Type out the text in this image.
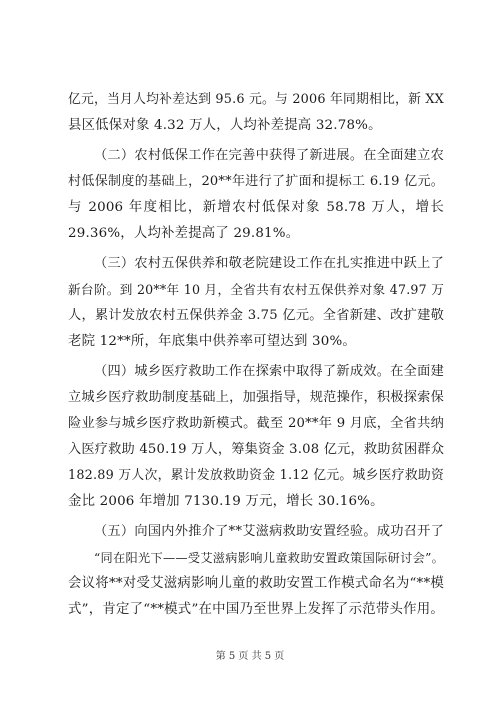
亿元，当月人均补差达到 95.6 元。与 2006 年同期相比，新 XX
县区低保对象 4.32 万人，人均补差提高 32.78%。
（二）农村低保工作在完善中获得了新进展。在全面建立农
村低保制度的基础上，20**年进行了扩面和提标工 6.19 亿元。
与 2006 年度相比，新增农村低保对象 58.78 万人，增长
29.36%，人均补差提高了 29.81%。
（三）农村五保供养和敬老院建设工作在扎实推进中跃上了
新台阶。到 20**年 10 月，全省共有农村五保供养对象 47.97 万
人，累计发放农村五保供养金 3.75 亿元。全省新建、改扩建敬
老院 12**所，年底集中供养率可望达到 30%。
（四）城乡医疗救助工作在探索中取得了新成效。在全面建
立城乡医疗救助制度基础上，加强指导，规范操作，积极探索保
险业参与城乡医疗救助新模式。截至 20**年 9 月底，全省共纳
入医疗救助 450.19 万人，筹集资金 3.08 亿元，救助贫困群众
182.89 万人次，累计发放救助资金 1.12 亿元。城乡医疗救助资
金比 2006 年增加 7130.19 万元，增长 30.16%。
（五）向国内外推介了**艾滋病救助安置经验。成功召开了
“同在阳光下——受艾滋病影响儿童救助安置政策国际研讨会”。
会议将**对受艾滋病影响儿童的救助安置工作模式命名为“**模
式”，肯定了“**模式”在中国乃至世界上发挥了示范带头作用。
第 5 页 共 5 页
